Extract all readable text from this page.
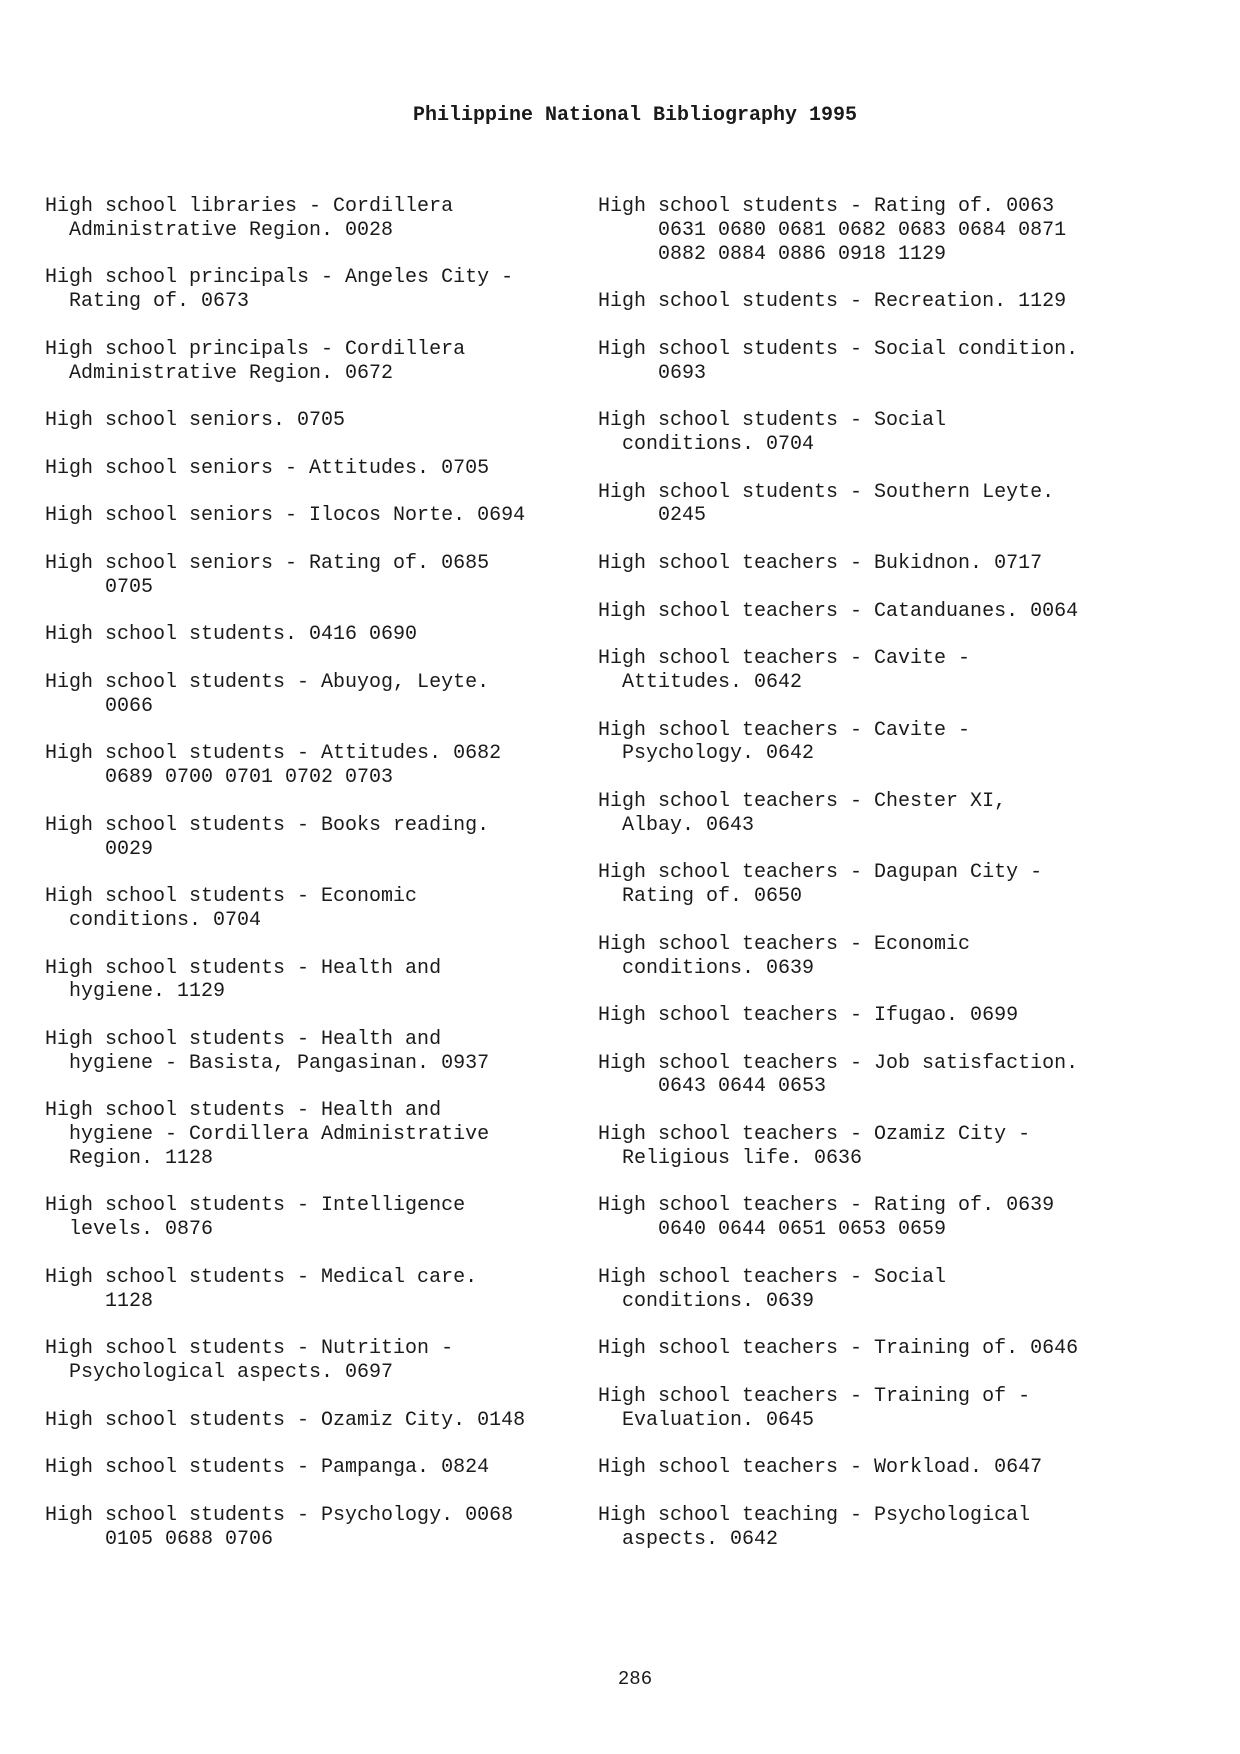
Philippine National Bibliography 1995
High school libraries - Cordillera
Administrative Region. 0028
High school principals - Angeles City -
Rating of. 0673
High school principals - Cordillera
Administrative Region. 0672
High school seniors. 0705
High school seniors - Attitudes. 0705
High school seniors - Ilocos Norte. 0694
High school seniors - Rating of. 0685
0705
High school students. 0416 0690
High school students - Abuyog, Leyte.
0066
High school students - Attitudes. 0682
0689 0700 0701 0702 0703
High school students - Books reading.
0029
High school students - Economic
conditions. 0704
High school students - Health and
hygiene. 1129
High school students - Health and
hygiene - Basista, Pangasinan. 0937
High school students - Health and
hygiene - Cordillera Administrative
Region. 1128
High school students - Intelligence
levels. 0876
High school students - Medical care.
1128
High school students - Nutrition -
Psychological aspects. 0697
High school students - Ozamiz City. 0148
High school students - Pampanga. 0824
High school students - Psychology. 0068
0105 0688 0706
High school students - Rating of. 0063
0631 0680 0681 0682 0683 0684 0871
0882 0884 0886 0918 1129
High school students - Recreation. 1129
High school students - Social condition.
0693
High school students - Social
conditions. 0704
High school students - Southern Leyte.
0245
High school teachers - Bukidnon. 0717
High school teachers - Catanduanes. 0064
High school teachers - Cavite -
Attitudes. 0642
High school teachers - Cavite -
Psychology. 0642
High school teachers - Chester XI,
Albay. 0643
High school teachers - Dagupan City -
Rating of. 0650
High school teachers - Economic
conditions. 0639
High school teachers - Ifugao. 0699
High school teachers - Job satisfaction.
0643 0644 0653
High school teachers - Ozamiz City -
Religious life. 0636
High school teachers - Rating of. 0639
0640 0644 0651 0653 0659
High school teachers - Social
conditions. 0639
High school teachers - Training of. 0646
High school teachers - Training of -
Evaluation. 0645
High school teachers - Workload. 0647
High school teaching - Psychological
aspects. 0642
286
